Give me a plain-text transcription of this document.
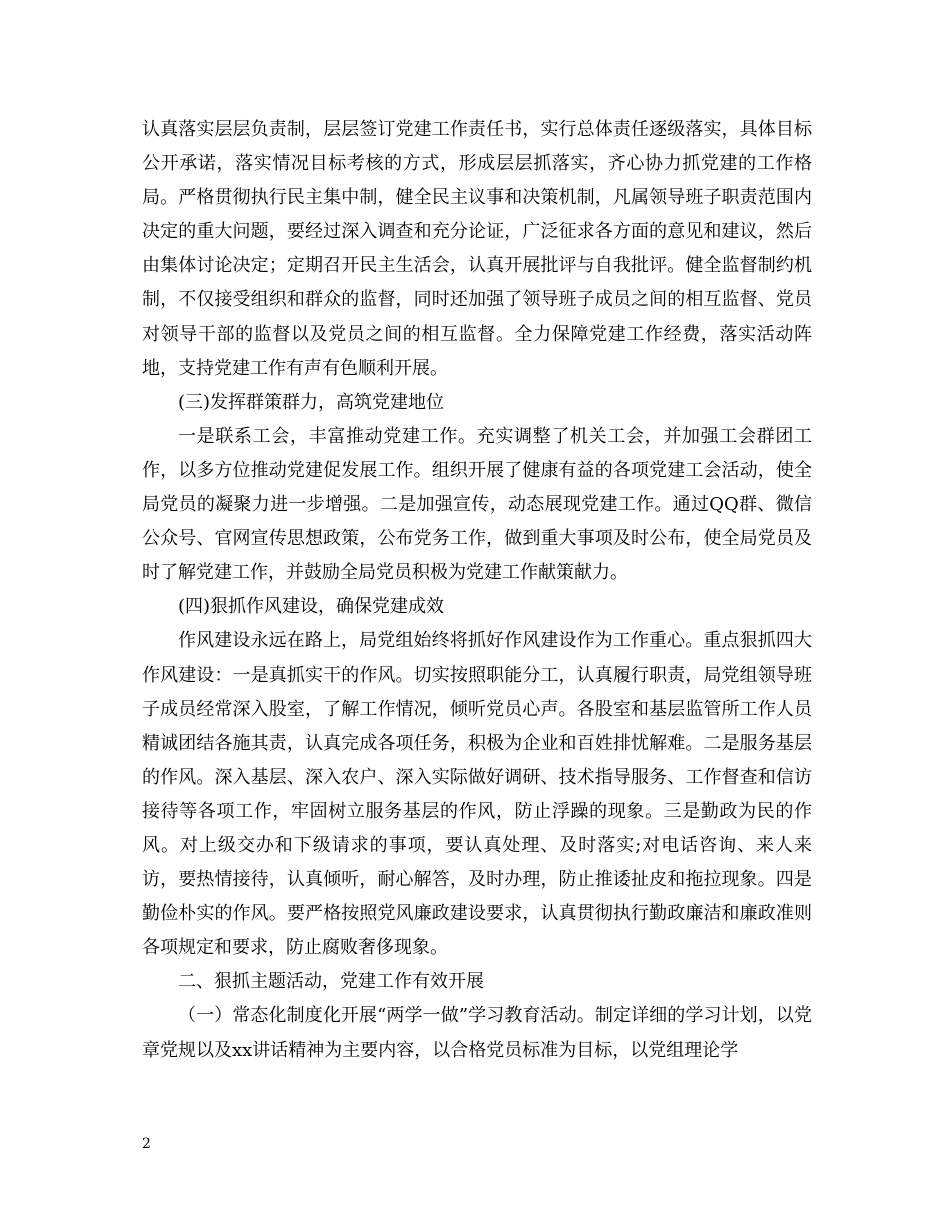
认真落实层层负责制，层层签订党建工作责任书，实行总体责任逐级落实，具体目标公开承诺，落实情况目标考核的方式，形成层层抓落实，齐心协力抓党建的工作格局。严格贯彻执行民主集中制，健全民主议事和决策机制，凡属领导班子职责范围内决定的重大问题，要经过深入调查和充分论证，广泛征求各方面的意见和建议，然后由集体讨论决定；定期召开民主生活会，认真开展批评与自我批评。健全监督制约机制，不仅接受组织和群众的监督，同时还加强了领导班子成员之间的相互监督、党员对领导干部的监督以及党员之间的相互监督。全力保障党建工作经费，落实活动阵地，支持党建工作有声有色顺利开展。

(三)发挥群策群力，高筑党建地位

一是联系工会，丰富推动党建工作。充实调整了机关工会，并加强工会群团工作，以多方位推动党建促发展工作。组织开展了健康有益的各项党建工会活动，使全局党员的凝聚力进一步增强。二是加强宣传，动态展现党建工作。通过QQ群、微信公众号、官网宣传思想政策，公布党务工作，做到重大事项及时公布，使全局党员及时了解党建工作，并鼓励全局党员积极为党建工作献策献力。

(四)狠抓作风建设，确保党建成效

作风建设永远在路上，局党组始终将抓好作风建设作为工作重心。重点狠抓四大作风建设：一是真抓实干的作风。切实按照职能分工，认真履行职责，局党组领导班子成员经常深入股室，了解工作情况，倾听党员心声。各股室和基层监管所工作人员精诚团结各施其责，认真完成各项任务，积极为企业和百姓排忧解难。二是服务基层的作风。深入基层、深入农户、深入实际做好调研、技术指导服务、工作督查和信访接待等各项工作，牢固树立服务基层的作风，防止浮躁的现象。三是勤政为民的作风。对上级交办和下级请求的事项，要认真处理、及时落实;对电话咨询、来人来访，要热情接待，认真倾听，耐心解答，及时办理，防止推诿扯皮和拖拉现象。四是勤俭朴实的作风。要严格按照党风廉政建设要求，认真贯彻执行勤政廉洁和廉政准则各项规定和要求，防止腐败奢侈现象。

二、狠抓主题活动，党建工作有效开展

（一）常态化制度化开展“两学一做”学习教育活动。制定详细的学习计划，以党章党规以及xx讲话精神为主要内容，以合格党员标准为目标，以党组理论学

2
